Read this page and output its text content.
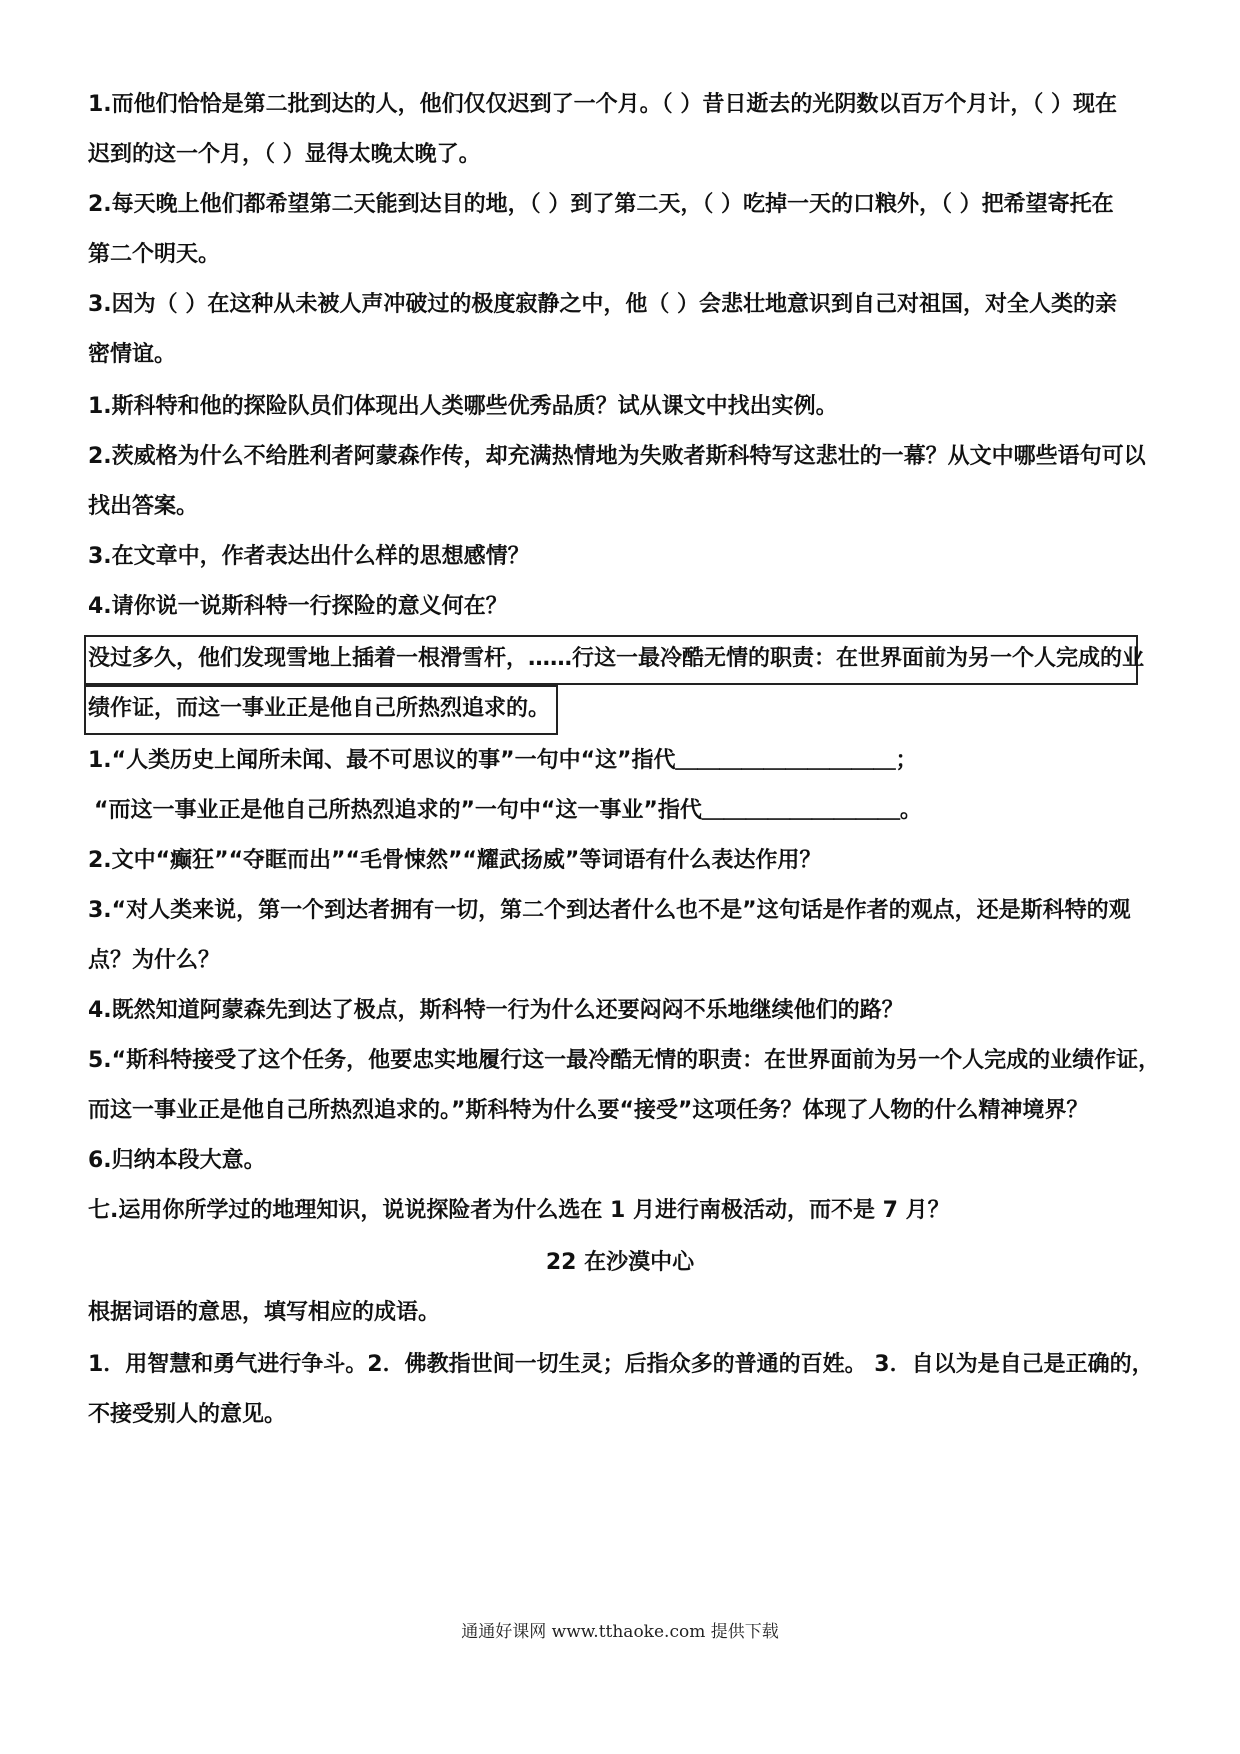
1.而他们恰恰是第二批到达的人，他们仅仅迟到了一个月。（ ）昔日逝去的光阴数以百万个月计，（ ）现在
迟到的这一个月，（ ）显得太晚太晚了。
2.每天晚上他们都希望第二天能到达目的地，（ ）到了第二天，（ ）吃掉一天的口粮外，（ ）把希望寄托在
第二个明天。
3.因为（ ）在这种从未被人声冲破过的极度寂静之中，他（ ）会悲壮地意识到自己对祖国，对全人类的亲
密情谊。
1.斯科特和他的探险队员们体现出人类哪些优秀品质？试从课文中找出实例。
2.茨威格为什么不给胜利者阿蒙森作传，却充满热情地为失败者斯科特写这悲壮的一幕？从文中哪些语句可以
找出答案。
3.在文章中，作者表达出什么样的思想感情？
4.请你说一说斯科特一行探险的意义何在？
没过多久，他们发现雪地上插着一根滑雪杆，……行这一最冷酷无情的职责：在世界面前为另一个人完成的业
绩作证，而这一事业正是他自己所热烈追求的。
1.“人类历史上闻所未闻、最不可思议的事”一句中“这”指代＿＿＿＿＿＿＿＿＿＿；
“而这一事业正是他自己所热烈追求的”一句中“这一事业”指代＿＿＿＿＿＿＿＿＿。
2.文中“癫狂”“夺眶而出”“毛骨悚然”“耀武扬威”等词语有什么表达作用？
3.“对人类来说，第一个到达者拥有一切，第二个到达者什么也不是”这句话是作者的观点，还是斯科特的观
点？为什么？
4.既然知道阿蒙森先到达了极点，斯科特一行为什么还要闷闷不乐地继续他们的路？
5.“斯科特接受了这个任务，他要忠实地履行这一最冷酷无情的职责：在世界面前为另一个人完成的业绩作证，
而这一事业正是他自己所热烈追求的。”斯科特为什么要“接受”这项任务？体现了人物的什么精神境界？
6.归纳本段大意。
七.运用你所学过的地理知识，说说探险者为什么选在 1 月进行南极活动，而不是 7 月？
22 在沙漠中心
根据词语的意思，填写相应的成语。
1．用智慧和勇气进行争斗。2．佛教指世间一切生灵；后指众多的普通的百姓。 3．自以为是自己是正确的，
不接受别人的意见。
通通好课网 www.tthaoke.com 提供下载
